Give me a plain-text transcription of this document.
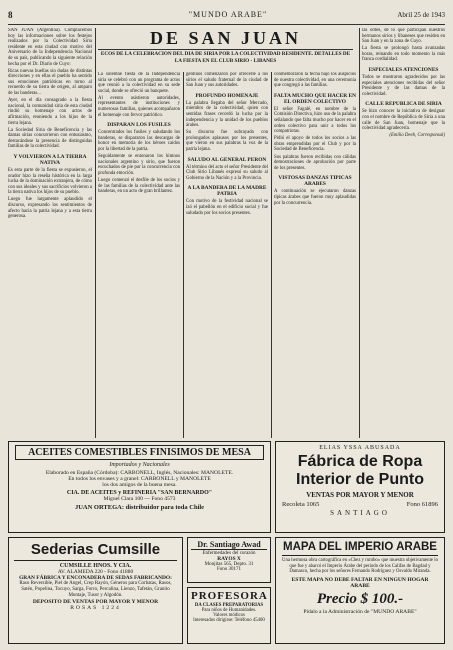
8	"MUNDO ARABE"	Abril 25 de 1943

SAN JUAN (Argentina). Complacemos hoy las informaciones sobre los festejos realizados por la Colectividad Siria residente en esta ciudad con motivo del Aniversario de la Independencia Nacional de su país, publicando la siguiente relación hecha por el Dr. Diario de Cuyo:

Ricas nuevas huellas sin dudas de distintas direcciones y en ellas el pueblo ha sentido sus emociones patrióticas en torno al recuerdo de su tierra de origen, al amparo de las banderas...

Ayer, en el día consagrado a la fiesta nacional, la comunidad siria de esta ciudad rindió su homenaje con actos de afirmación, reuniendo a los hijos de la tierra lejana.

La Sociedad Siria de Beneficencia y las damas sirias concurrieron con entusiasmo, destacándose la presencia de distinguidas familias de la colectividad.

Y VOLVIERON A LA TIERRA NATIVA

Es esta parte de la fiesta se expusieron, el orador hizo la reseña histórica en la larga lucha de la dominación extranjera, de cómo con sus ideales y sus sacrificios volvieron a la tierra nativa los hijos de su pueblo.

Luego fue largamente aplaudido el discurso, expresando los sentimientos de afecto hacia la patria lejana y a esta tierra generosa.

DE SAN JUAN
ECOS DE LA CELEBRACION DEL DIA DE SIRIA POR LA COLECTIVIDAD RESIDENTE. DETALLES DE LA FIESTA EN EL CLUB SIRIO - LIBANES

La solemne fiesta de la Independencia siria se celebró con un programa de actos que reunió a la colectividad en su sede social, donde se ofreció un banquete.

Al evento asistieron autoridades, representantes de instituciones y numerosas familias, quienes acompañaron el homenaje con fervor patriótico.

DISPARAN LOS FUSILES

Concentrados los fusiles y saludando los banderas, se dispararon las descargas de honor en memoria de los héroes caídos por la libertad de la patria.

Seguidamente se entonaron los himnos nacionales argentino y sirio, que fueron escuchados de pie por la concurrencia con profunda emoción.

Luego comenzó el desfile de los socios y de las familias de la colectividad ante las banderas, en un acto de gran brillantez.

gentinos comenzaron por ofrecerle a los sirios el saludo fraternal de la ciudad de San Juan y sus autoridades.

PROFUNDO HOMENAJE

La palabra llegaba del señor Mercado, miembro de la colectividad, quien con sentidas frases recordó la lucha por la independencia y la unidad de los pueblos árabes.

Su discurso fue subrayado con prolongados aplausos por los presentes, que vieron en sus palabras la voz de la patria lejana.

SALUDO AL GENERAL PERON

Al término del acto el señor Presidente del Club Sirio Libanés expresó su saludo al Gobierno de la Nación y a la Provincia.

A LA BANDERA DE LA MADRE PATRIA

Con motivo de la festividad nacional se izó el pabellón en el edificio social y fue saludado por los socios presentes.

conmemoraron la fecha bajo los auspicios de nuestra colectividad, en una ceremonia que congregó a las familias.

FALTA MUCHO QUE HACER EN EL ORDEN COLECTIVO

El señor Fagalé, en nombre de la Comisión Directiva, hizo uso de la palabra señalando que falta mucho por hacer en el orden colectivo para unir a todos los compatriotas.

Pidió el apoyo de todos los socios a las obras emprendidas por el Club y por la Sociedad de Beneficencia.

Sus palabras fueron recibidas con cálidas demostraciones de aprobación por parte de los presentes.

VISTOSAS DANZAS TIPICAS ARABES

A continuación se ejecutaron danzas típicas árabes que fueron muy aplaudidas por la concurrencia.

las ordes, de lo que participan nuestros hermanos sirios y libaneses que residen en San Juan y en la zona de Cuyo.

La fiesta se prolongó hasta avanzadas horas, reinando en todo momento la más franca cordialidad.

ESPECIALES ATENCIONES

Todos se mostraron agradecidos por las especiales atenciones recibidas del señor Presidente y de las damas de la colectividad.

CALLE REPUBLICA DE SIRIA

Se hizo conocer la iniciativa de designar con el nombre de República de Siria a una calle de San Juan, homenaje que la colectividad agradecería.

(Emilio Deeb, Corresponsal)

ACEITES COMESTIBLES FINISIMOS DE MESA
Importados y Nacionales
Elaborado en España (Córdoba): CARBONELL, Inglés, Nacionales: MANOLETE.
En todos los envases y a granel: CARBONELL y MANOLETE
los dos amigos de la buena mesa.
CIA. DE ACEITES y REFINERIA "SAN BERNARDO"
Miguel Clara 100 — Fono 4573
JUAN ORTEGA: distribuidor para toda Chile
ELIAS YSSA ABUSADA
Fábrica de Ropa
Interior de Punto
VENTAS POR MAYOR Y MENOR
Recoleta 1065	Fono 61896
SANTIAGO
Sederias Cumsille
CUMSILLE HNOS. Y CIA.
AV. ALAMEDA 220 - Fono 41880
GRAN FÁBRICA Y ENCONADERA DE SEDAS FABRICANDO:
Raso Reversible, Piel de Angel, Crep Rayón, Géneros para Corbatas, Rasos, Satén, Popelina, Tocuyo, Sarga, Forro, Percalina, Lienzo, Tafetán, Granito Montaje, Tusor y Algodón.
DEPOSITO DE VENTAS POR MAYOR Y MENOR
ROSAS 1224
Dr. Santiago Awad
Enfermedades del corazón
RAYOS X
Monjitas 565, Depto. 31
Fono 30171
PROFESORA
DA CLASES PREPARATORIAS
Para niños de Humanidades.
Valores módicos
Interesados dirigirse: Teléfono 45400
MAPA DEL IMPERIO ARABE
Una hermosa obra cartográfica en «Chez y rumbo» que muestra objetivamente lo que fue y abarcó el Imperio Árabe del periodo de los Califas de Bagdad y Damasco, hecha por los señores Fernando Rodríguez y Osvaldo Miranda.
ESTE MAPA NO DEBE FALTAR EN NINGUN HOGAR ARABE
Precio $ 100.-
Pídalo a la Administración de "MUNDO ARABE"
